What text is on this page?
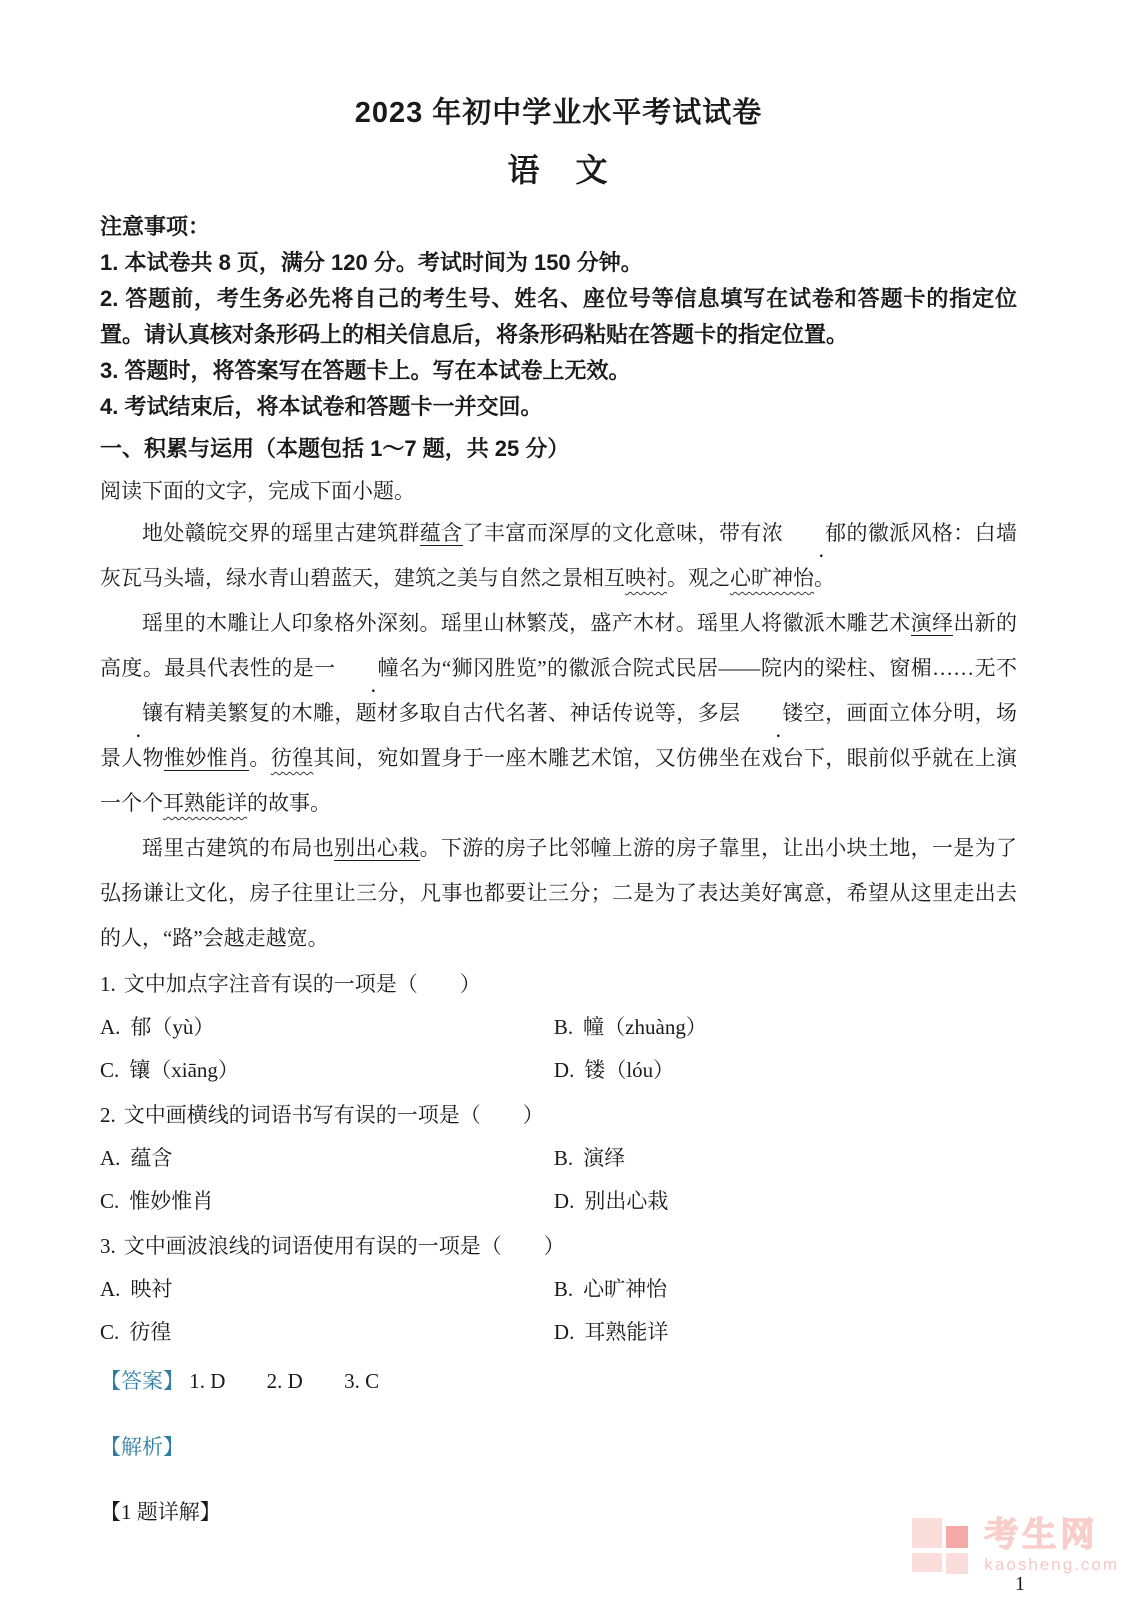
2023 年初中学业水平考试试卷
语　文

注意事项：

1. 本试卷共 8 页，满分 120 分。考试时间为 150 分钟。

2. 答题前，考生务必先将自己的考生号、姓名、座位号等信息填写在试卷和答题卡的指定位置。请认真核对条形码上的相关信息后，将条形码粘贴在答题卡的指定位置。

3. 答题时，将答案写在答题卡上。写在本试卷上无效。

4. 考试结束后，将本试卷和答题卡一并交回。

一、积累与运用（本题包括 1～7 题，共 25 分）

阅读下面的文字，完成下面小题。

地处赣皖交界的瑶里古建筑群蕴含了丰富而深厚的文化意味，带有浓 郁 ●的徽派风格：白墙灰瓦马头墙，绿水青山碧蓝天，建筑之美与自然之景相互映衬。观之心旷神怡。

瑶里的木雕让人印象格外深刻。瑶里山林繁茂，盛产木材。瑶里人将徽派木雕艺术演绎出新的高度。最具代表性的是一 幢 ●名为“狮冈胜览”的徽派合院式民居——院内的梁柱、窗楣……无不镶 ●有精美繁复的木雕，题材多取自古代名著、神话传说等，多层 镂 ●空，画面立体分明，场景人物惟妙惟肖。彷徨其间，宛如置身于一座木雕艺术馆，又仿佛坐在戏台下，眼前似乎就在上演一个个耳熟能详的故事。

瑶里古建筑的布局也别出心栽。下游的房子比邻幢上游的房子靠里，让出小块土地，一是为了弘扬谦让文化，房子往里让三分，凡事也都要让三分；二是为了表达美好寓意，希望从这里走出去的人，“路”会越走越宽。

1. 文中加点字注音有误的一项是（　　）

A. 郁（yù）	B. 幢（zhuàng）
C. 镶（xiāng）	D. 镂（lóu）

2. 文中画横线的词语书写有误的一项是（　　）

A. 蕴含	B. 演绎
C. 惟妙惟肖	D. 别出心栽

3. 文中画波浪线的词语使用有误的一项是（　　）

A. 映衬	B. 心旷神怡
C. 彷徨	D. 耳熟能详

【答案】 1. D 2. D 3. C

【解析】

【1 题详解】

考生网
kaosheng.com
1
